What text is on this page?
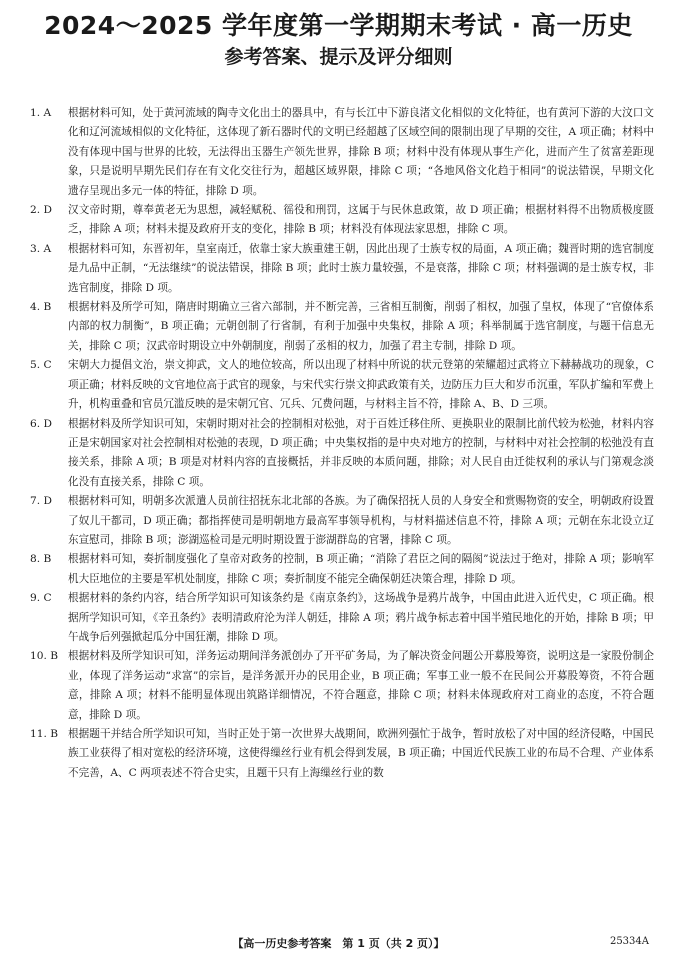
2024～2025 学年度第一学期期末考试 · 高一历史
参考答案、提示及评分细则
1. A	根据材料可知，处于黄河流域的陶寺文化出土的器具中，有与长江中下游良渚文化相似的文化特征，也有黄河下游的大汶口文化和辽河流域相似的文化特征，这体现了新石器时代的文明已经超越了区域空间的限制出现了早期的交往，A 项正确；材料中没有体现中国与世界的比较，无法得出玉器生产领先世界，排除 B 项；材料中没有体现从事生产化，进而产生了贫富差距现象，只是说明早期先民们存在有文化交往行为，超越区域界限，排除 C 项；“各地风俗文化趋于相同”的说法错误，早期文化遗存呈现出多元一体的特征，排除 D 项。
2. D	汉文帝时期，尊奉黄老无为思想，减轻赋税、徭役和刑罚，这属于与民休息政策，故 D 项正确；根据材料得不出物质极度匮乏，排除 A 项；材料未提及政府开支的变化，排除 B 项；材料没有体现法家思想，排除 C 项。
3. A	根据材料可知，东晋初年，皇室南迁，依靠士家大族重建王朝，因此出现了士族专权的局面，A 项正确；魏晋时期的选官制度是九品中正制，“无法继续”的说法错误，排除 B 项；此时士族力量较强，不是衰落，排除 C 项；材料强调的是士族专权，非选官制度，排除 D 项。
4. B	根据材料及所学可知，隋唐时期确立三省六部制，并不断完善，三省相互制衡，削弱了相权，加强了皇权，体现了“官僚体系内部的权力制衡”，B 项正确；元朝创制了行省制，有利于加强中央集权，排除 A 项；科举制属于选官制度，与题干信息无关，排除 C 项；汉武帝时期设立中外朝制度，削弱了丞相的权力，加强了君主专制，排除 D 项。
5. C	宋朝大力提倡文治，崇文抑武，文人的地位较高，所以出现了材料中所说的状元登第的荣耀超过武将立下赫赫战功的现象，C 项正确；材料反映的文官地位高于武官的现象，与宋代实行崇文抑武政策有关，边防压力巨大和岁币沉重，军队扩编和军费上升，机构重叠和官员冗滥反映的是宋朝冗官、冗兵、冗费问题，与材料主旨不符，排除 A、B、D 三项。
6. D	根据材料及所学知识可知，宋朝时期对社会的控制相对松弛，对于百姓迁移住所、更换职业的限制比前代较为松弛，材料内容正是宋朝国家对社会控制相对松弛的表现，D 项正确；中央集权指的是中央对地方的控制，与材料中对社会控制的松弛没有直接关系，排除 A 项；B 项是对材料内容的直接概括，并非反映的本质问题，排除；对人民自由迁徙权利的承认与门第观念淡化没有直接关系，排除 C 项。
7. D	根据材料可知，明朝多次派遣人员前往招抚东北北部的各族。为了确保招抚人员的人身安全和赏赐物资的安全，明朝政府设置了奴儿干都司，D 项正确；都指挥使司是明朝地方最高军事领导机构，与材料描述信息不符，排除 A 项；元朝在东北设立辽东宣慰司，排除 B 项；澎湖巡检司是元明时期设置于澎湖群岛的官署，排除 C 项。
8. B	根据材料可知，奏折制度强化了皇帝对政务的控制，B 项正确；“消除了君臣之间的隔阂”说法过于绝对，排除 A 项；影响军机大臣地位的主要是军机处制度，排除 C 项；奏折制度不能完全确保朝廷决策合理，排除 D 项。
9. C	根据材料的条约内容，结合所学知识可知该条约是《南京条约》，这场战争是鸦片战争，中国由此进入近代史，C 项正确。根据所学知识可知，《辛丑条约》表明清政府沦为洋人朝廷，排除 A 项；鸦片战争标志着中国半殖民地化的开始，排除 B 项；甲午战争后列强掀起瓜分中国狂潮，排除 D 项。
10. B 根据材料及所学知识可知，洋务运动期间洋务派创办了开平矿务局，为了解决资金问题公开募股筹资，说明这是一家股份制企业，体现了洋务运动“求富”的宗旨，是洋务派开办的民用企业，B 项正确；军事工业一般不在民间公开募股筹资，不符合题意，排除 A 项；材料不能明显体现出筑路详细情况，不符合题意，排除 C 项；材料未体现政府对工商业的态度，不符合题意，排除 D 项。
11. B 根据题干并结合所学知识可知，当时正处于第一次世界大战期间，欧洲列强忙于战争，暂时放松了对中国的经济侵略，中国民族工业获得了相对宽松的经济环境，这使得缫丝行业有机会得到发展，B 项正确；中国近代民族工业的布局不合理、产业体系不完善，A、C 两项表述不符合史实，且题干只有上海缫丝行业的数
【高一历史参考答案　第 1 页（共 2 页）】	25334A
